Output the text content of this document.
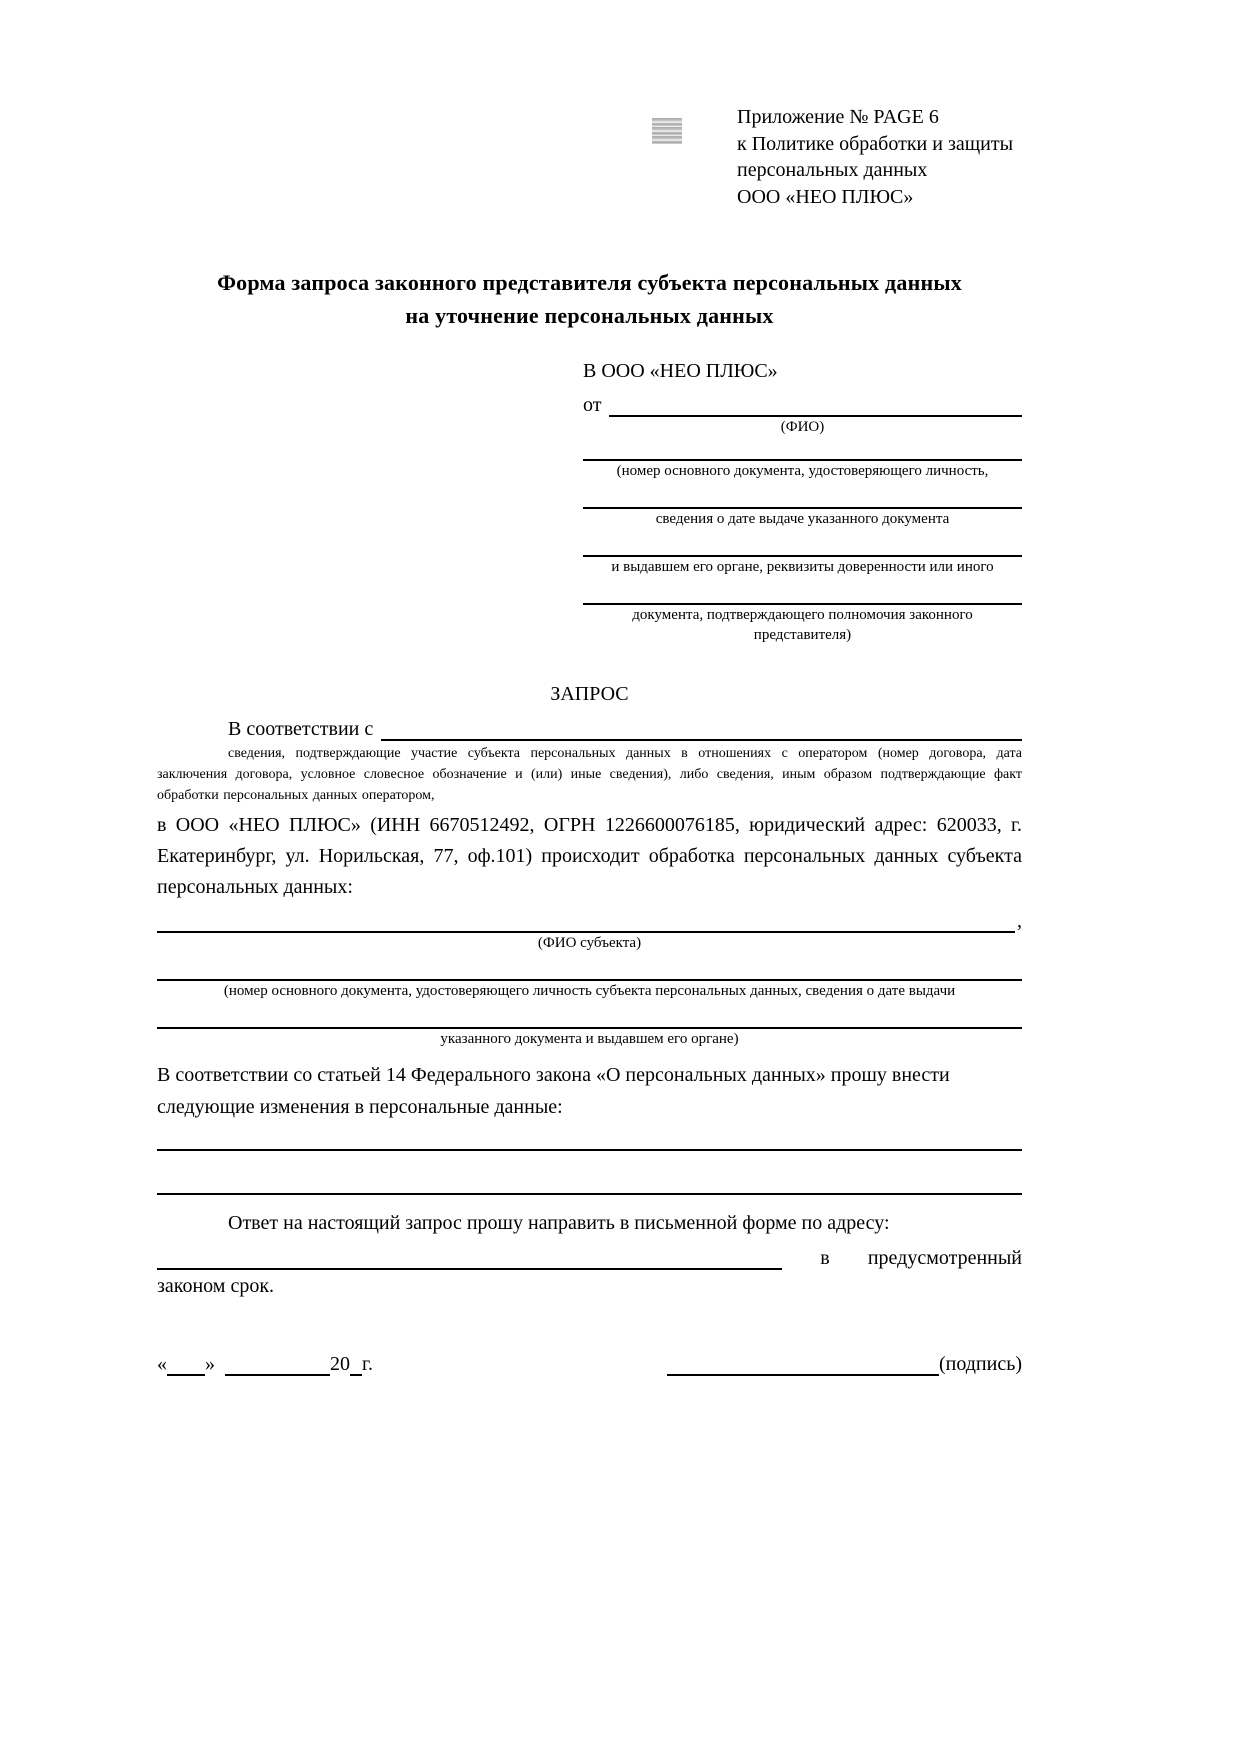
Приложение № PAGE 6
к Политике обработки и защиты
персональных данных
ООО «НЕО ПЛЮС»
Форма запроса законного представителя субъекта персональных данных
на уточнение персональных данных
В ООО «НЕО ПЛЮС»
от
(ФИО)
(номер основного документа, удостоверяющего личность,
сведения о дате выдаче указанного документа
и выдавшем его органе, реквизиты доверенности или иного
документа, подтверждающего полномочия законного представителя)
ЗАПРОС
В соответствии с
сведения, подтверждающие участие субъекта персональных данных в отношениях с оператором (номер договора, дата заключения договора, условное словесное обозначение и (или) иные сведения), либо сведения, иным образом подтверждающие факт обработки персональных данных оператором,
в ООО «НЕО ПЛЮС» (ИНН 6670512492, ОГРН 1226600076185, юридический адрес: 620033, г. Екатеринбург, ул. Норильская, 77, оф.101) происходит обработка персональных данных субъекта персональных данных:
,
(ФИО субъекта)
(номер основного документа, удостоверяющего личность субъекта персональных данных, сведения о дате выдачи
указанного документа и выдавшем его органе)
В соответствии со статьей 14 Федерального закона «О персональных данных» прошу внести следующие изменения в персональные данные:
Ответ на настоящий запрос прошу направить в письменной форме по адресу:
в предусмотренный
законом срок.
« »	20 г.	(подпись)
